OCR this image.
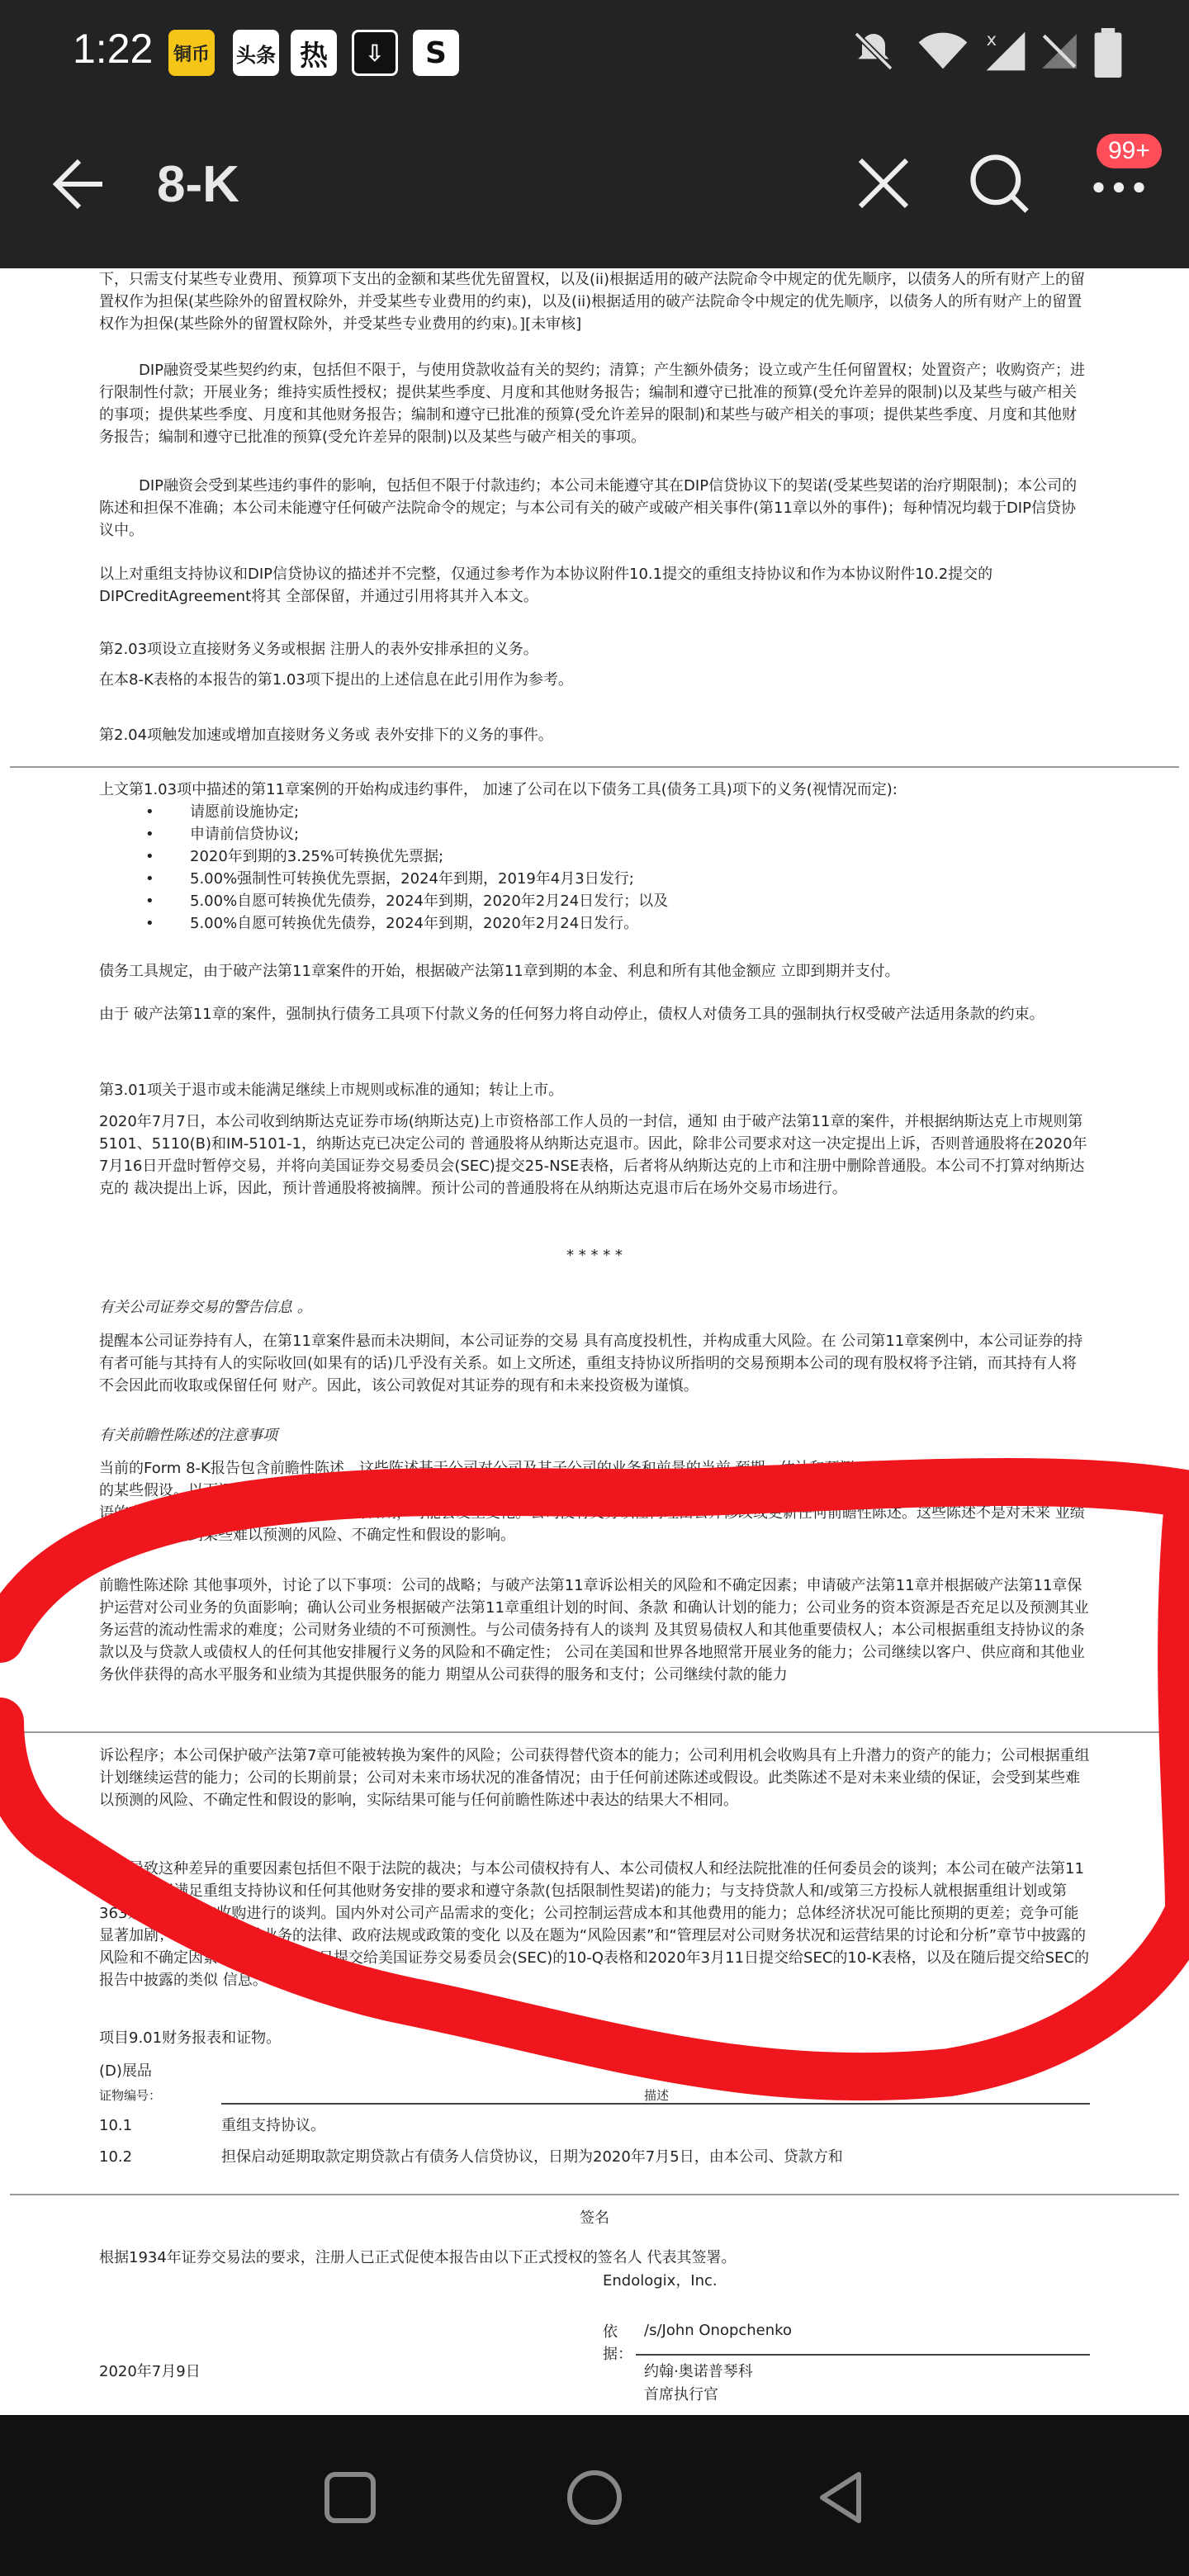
1:22 铜币 头条 热	⇩	S	x
8-K
99+
下，只需支付某些专业费用、预算项下支出的金额和某些优先留置权，以及(ii)根据适用的破产法院命令中规定的优先顺序，以债务人的所有财产上的留置权作为担保(某些除外的留置权除外，并受某些专业费用的约束)，以及(ii)根据适用的破产法院命令中规定的优先顺序，以债务人的所有财产上的留置权作为担保(某些除外的留置权除外，并受某些专业费用的约束)。][未审核]
DIP融资受某些契约约束，包括但不限于，与使用贷款收益有关的契约；清算；产生额外债务；设立或产生任何留置权；处置资产；收购资产；进行限制性付款；开展业务；维持实质性授权；提供某些季度、月度和其他财务报告；编制和遵守已批准的预算(受允许差异的限制)以及某些与破产相关的事项；提供某些季度、月度和其他财务报告；编制和遵守已批准的预算(受允许差异的限制)和某些与破产相关的事项；提供某些季度、月度和其他财务报告；编制和遵守已批准的预算(受允许差异的限制)以及某些与破产相关的事项。
DIP融资会受到某些违约事件的影响，包括但不限于付款违约；本公司未能遵守其在DIP信贷协议下的契诺(受某些契诺的治疗期限制)；本公司的陈述和担保不准确；本公司未能遵守任何破产法院命令的规定；与本公司有关的破产或破产相关事件(第11章以外的事件)；每种情况均载于DIP信贷协议中。
以上对重组支持协议和DIP信贷协议的描述并不完整，仅通过参考作为本协议附件10.1提交的重组支持协议和作为本协议附件10.2提交的DIPCreditAgreement将其 全部保留，并通过引用将其并入本文。
第2.03项设立直接财务义务或根据 注册人的表外安排承担的义务。
在本8-K表格的本报告的第1.03项下提出的上述信息在此引用作为参考。
第2.04项触发加速或增加直接财务义务或 表外安排下的义务的事件。
上文第1.03项中描述的第11章案例的开始构成违约事件， 加速了公司在以下债务工具(债务工具)项下的义务(视情况而定):
• 请愿前设施协定;
• 申请前信贷协议;
• 2020年到期的3.25%可转换优先票据;
• 5.00%强制性可转换优先票据，2024年到期，2019年4月3日发行;
• 5.00%自愿可转换优先债券，2024年到期，2020年2月24日发行；以及
• 5.00%自愿可转换优先债券，2024年到期，2020年2月24日发行。
债务工具规定，由于破产法第11章案件的开始，根据破产法第11章到期的本金、利息和所有其他金额应 立即到期并支付。
由于 破产法第11章的案件，强制执行债务工具项下付款义务的任何努力将自动停止，债权人对债务工具的强制执行权受破产法适用条款的约束。
第3.01项关于退市或未能满足继续上市规则或标准的通知；转让上市。
2020年7月7日，本公司收到纳斯达克证券市场(纳斯达克)上市资格部工作人员的一封信，通知 由于破产法第11章的案件，并根据纳斯达克上市规则第5101、5110(B)和IM-5101-1，纳斯达克已决定公司的 普通股将从纳斯达克退市。因此，除非公司要求对这一决定提出上诉，否则普通股将在2020年7月16日开盘时暂停交易，并将向美国证券交易委员会(SEC)提交25-NSE表格，后者将从纳斯达克的上市和注册中删除普通股。本公司不打算对纳斯达克的 裁决提出上诉，因此，预计普通股将被摘牌。预计公司的普通股将在从纳斯达克退市后在场外交易市场进行。
* * * * *
有关公司证券交易的警告信息 。
提醒本公司证券持有人，在第11章案件悬而未决期间，本公司证券的交易 具有高度投机性，并构成重大风险。在 公司第11章案例中，本公司证券的持有者可能与其持有人的实际收回(如果有的话)几乎没有关系。如上文所述，重组支持协议所指明的交易预期本公司的现有股权将予注销，而其持有人将不会因此而收取或保留任何 财产。因此，该公司敦促对其证券的现有和未来投资极为谨慎。
有关前瞻性陈述的注意事项
当前的Form 8-K报告包含前瞻性陈述，这些陈述基于公司对公司及其子公司的业务和前景的当前 预期、估计和预测，以及管理层的信念和管理层做出的某些假设。以下词语旨在识别前瞻性的 陈述，如：预期、？预期、？意图、？计划、？相信、？寻求、？估计、？可能、？应该、？将？以及这些词语的变体。此类陈述仅说明截至本声明的日期，可能会发生变化。公司没有义务以任何理由公开修改或更新任何前瞻性陈述。这些陈述不是对未来 业绩的保证，会受到某些难以预测的风险、不确定性和假设的影响。
前瞻性陈述除 其他事项外，讨论了以下事项：公司的战略；与破产法第11章诉讼相关的风险和不确定因素；申请破产法第11章并根据破产法第11章保护运营对公司业务的负面影响；确认公司业务根据破产法第11章重组计划的时间、条款 和确认计划的能力；公司业务的资本资源是否充足以及预测其业务运营的流动性需求的难度；公司财务业绩的不可预测性。与公司债务持有人的谈判 及其贸易债权人和其他重要债权人；本公司根据重组支持协议的条款以及与贷款人或债权人的任何其他安排履行义务的风险和不确定性； 公司在美国和世界各地照常开展业务的能力；公司继续以客户、供应商和其他业务伙伴获得的高水平服务和业绩为其提供服务的能力 期望从公司获得的服务和支付；公司继续付款的能力
诉讼程序；本公司保护破产法第7章可能被转换为案件的风险；公司获得替代资本的能力；公司利用机会收购具有上升潜力的资产的能力；公司根据重组计划继续运营的能力；公司的长期前景；公司对未来市场状况的准备情况；由于任何前述陈述或假设。此类陈述不是对未来业绩的保证，会受到某些难以预测的风险、不确定性和假设的影响，实际结果可能与任何前瞻性陈述中表达的结果大不相同。
可能导致这种差异的重要因素包括但不限于法院的裁决；与本公司债权持有人、本公司债权人和经法院批准的任何委员会的谈判；本公司在破产法第11章诉讼期间满足重组支持协议和任何其他财务安排的要求和遵守条款(包括限制性契诺)的能力；与支持贷款人和/或第三方投标人就根据重组计划或第363条进行的潜在收购进行的谈判。国内外对公司产品需求的变化；公司控制运营成本和其他费用的能力；总体经济状况可能比预期的更差；竞争可能显著加剧；影响公司当前业务的法律、政府法规或政策的变化 以及在题为“风险因素”和“管理层对公司财务状况和运营结果的讨论和分析”章节中披露的风险和不确定因素 2020年5月27日提交给美国证券交易委员会(SEC)的10-Q表格和2020年3月11日提交给SEC的10-K表格，以及在随后提交给SEC的报告中披露的类似 信息。
项目9.01财务报表和证物。
(D)展品
证物编号：	描述
10.1	重组支持协议。
10.2	担保启动延期取款定期贷款占有债务人信贷协议，日期为2020年7月5日，由本公司、贷款方和
签名
根据1934年证券交易法的要求，注册人已正式促使本报告由以下正式授权的签名人 代表其签署。
Endologix，Inc.
依据：
/s/John Onopchenko
2020年7月9日	约翰·奥诺普琴科
首席执行官
